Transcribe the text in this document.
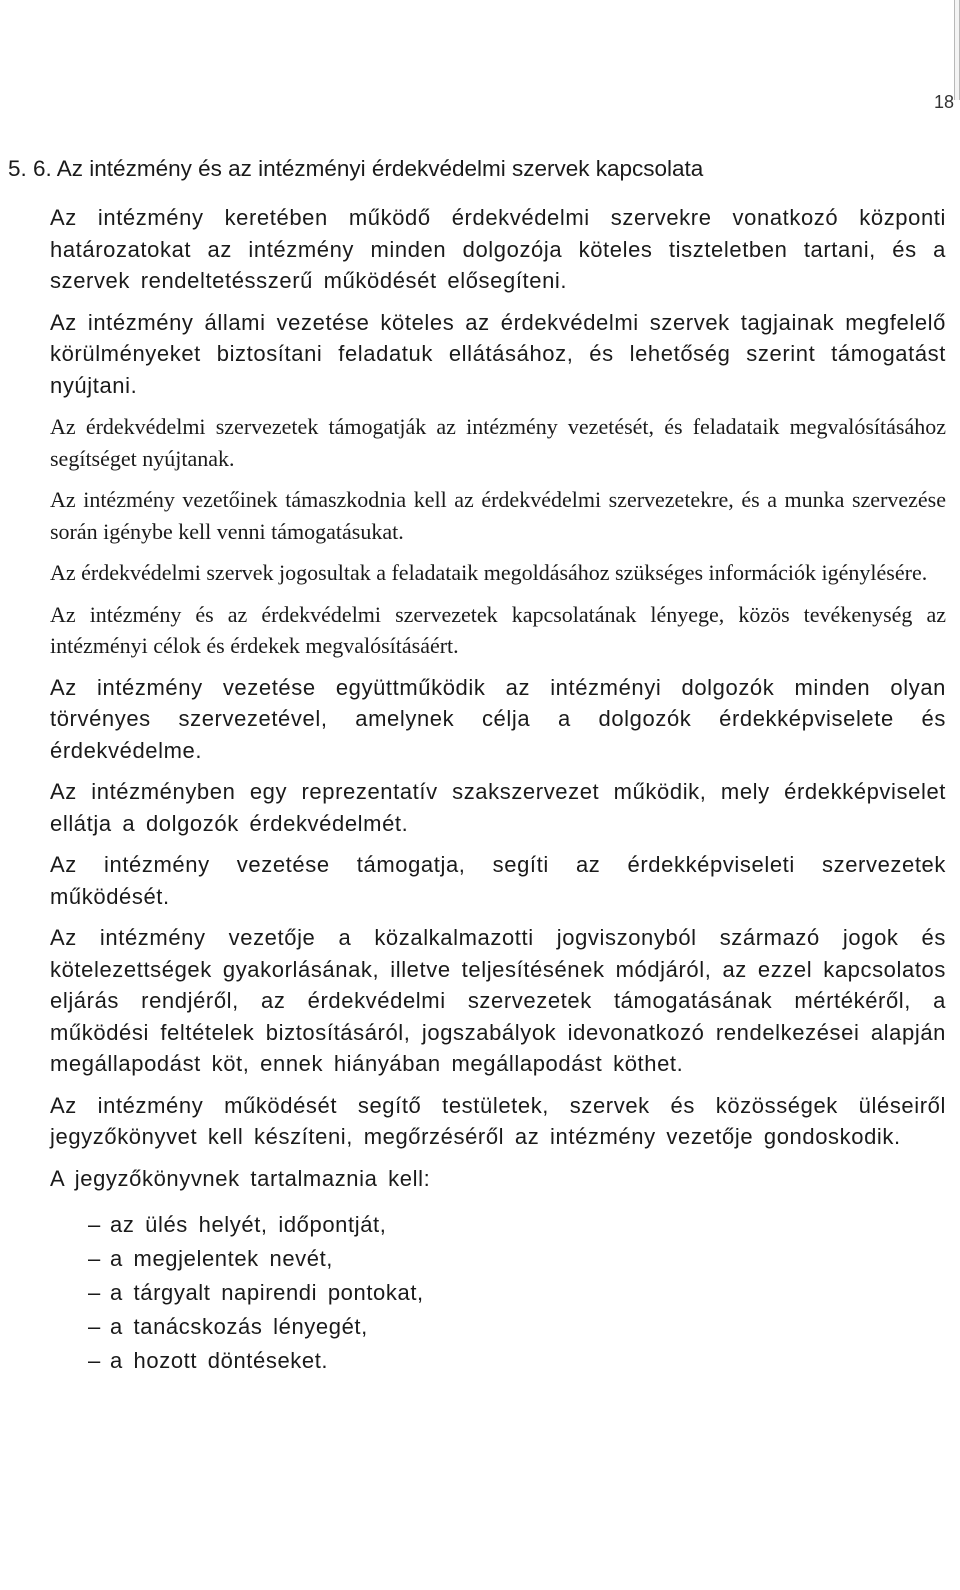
18
5. 6. Az intézmény és az intézményi érdekvédelmi szervek kapcsolata

Az intézmény keretében működő érdekvédelmi szervekre vonatkozó központi határozatokat az intézmény minden dolgozója köteles tiszteletben tartani, és a szervek rendeltetésszerű működését elősegíteni.

Az intézmény állami vezetése köteles az érdekvédelmi szervek tagjainak megfelelő körülményeket biztosítani feladatuk ellátásához, és lehetőség szerint támogatást nyújtani.

Az érdekvédelmi szervezetek támogatják az intézmény vezetését, és feladataik megvalósításához segítséget nyújtanak.

Az intézmény vezetőinek támaszkodnia kell az érdekvédelmi szervezetekre, és a munka szervezése során igénybe kell venni támogatásukat.

Az érdekvédelmi szervek jogosultak a feladataik megoldásához szükséges információk igénylésére.

Az intézmény és az érdekvédelmi szervezetek kapcsolatának lényege, közös tevékenység az intézményi célok és érdekek megvalósításáért.

Az intézmény vezetése együttműködik az intézményi dolgozók minden olyan törvényes szervezetével, amelynek célja a dolgozók érdekképviselete és érdekvédelme.

Az intézményben egy reprezentatív szakszervezet működik, mely érdekképviselet ellátja a dolgozók érdekvédelmét.

Az intézmény vezetése támogatja, segíti az érdekképviseleti szervezetek működését.

Az intézmény vezetője a közalkalmazotti jogviszonyból származó jogok és kötelezettségek gyakorlásának, illetve teljesítésének módjáról, az ezzel kapcsolatos eljárás rendjéről, az érdekvédelmi szervezetek támogatásának mértékéről, a működési feltételek biztosításáról, jogszabályok idevonatkozó rendelkezései alapján megállapodást köt, ennek hiányában megállapodást köthet.

Az intézmény működését segítő testületek, szervek és közösségek üléseiről jegyzőkönyvet kell készíteni, megőrzéséről az intézmény vezetője gondoskodik.

A jegyzőkönyvnek tartalmaznia kell:

– az ülés helyét, időpontját,
– a megjelentek nevét,
– a tárgyalt napirendi pontokat,
– a tanácskozás lényegét,
– a hozott döntéseket.
